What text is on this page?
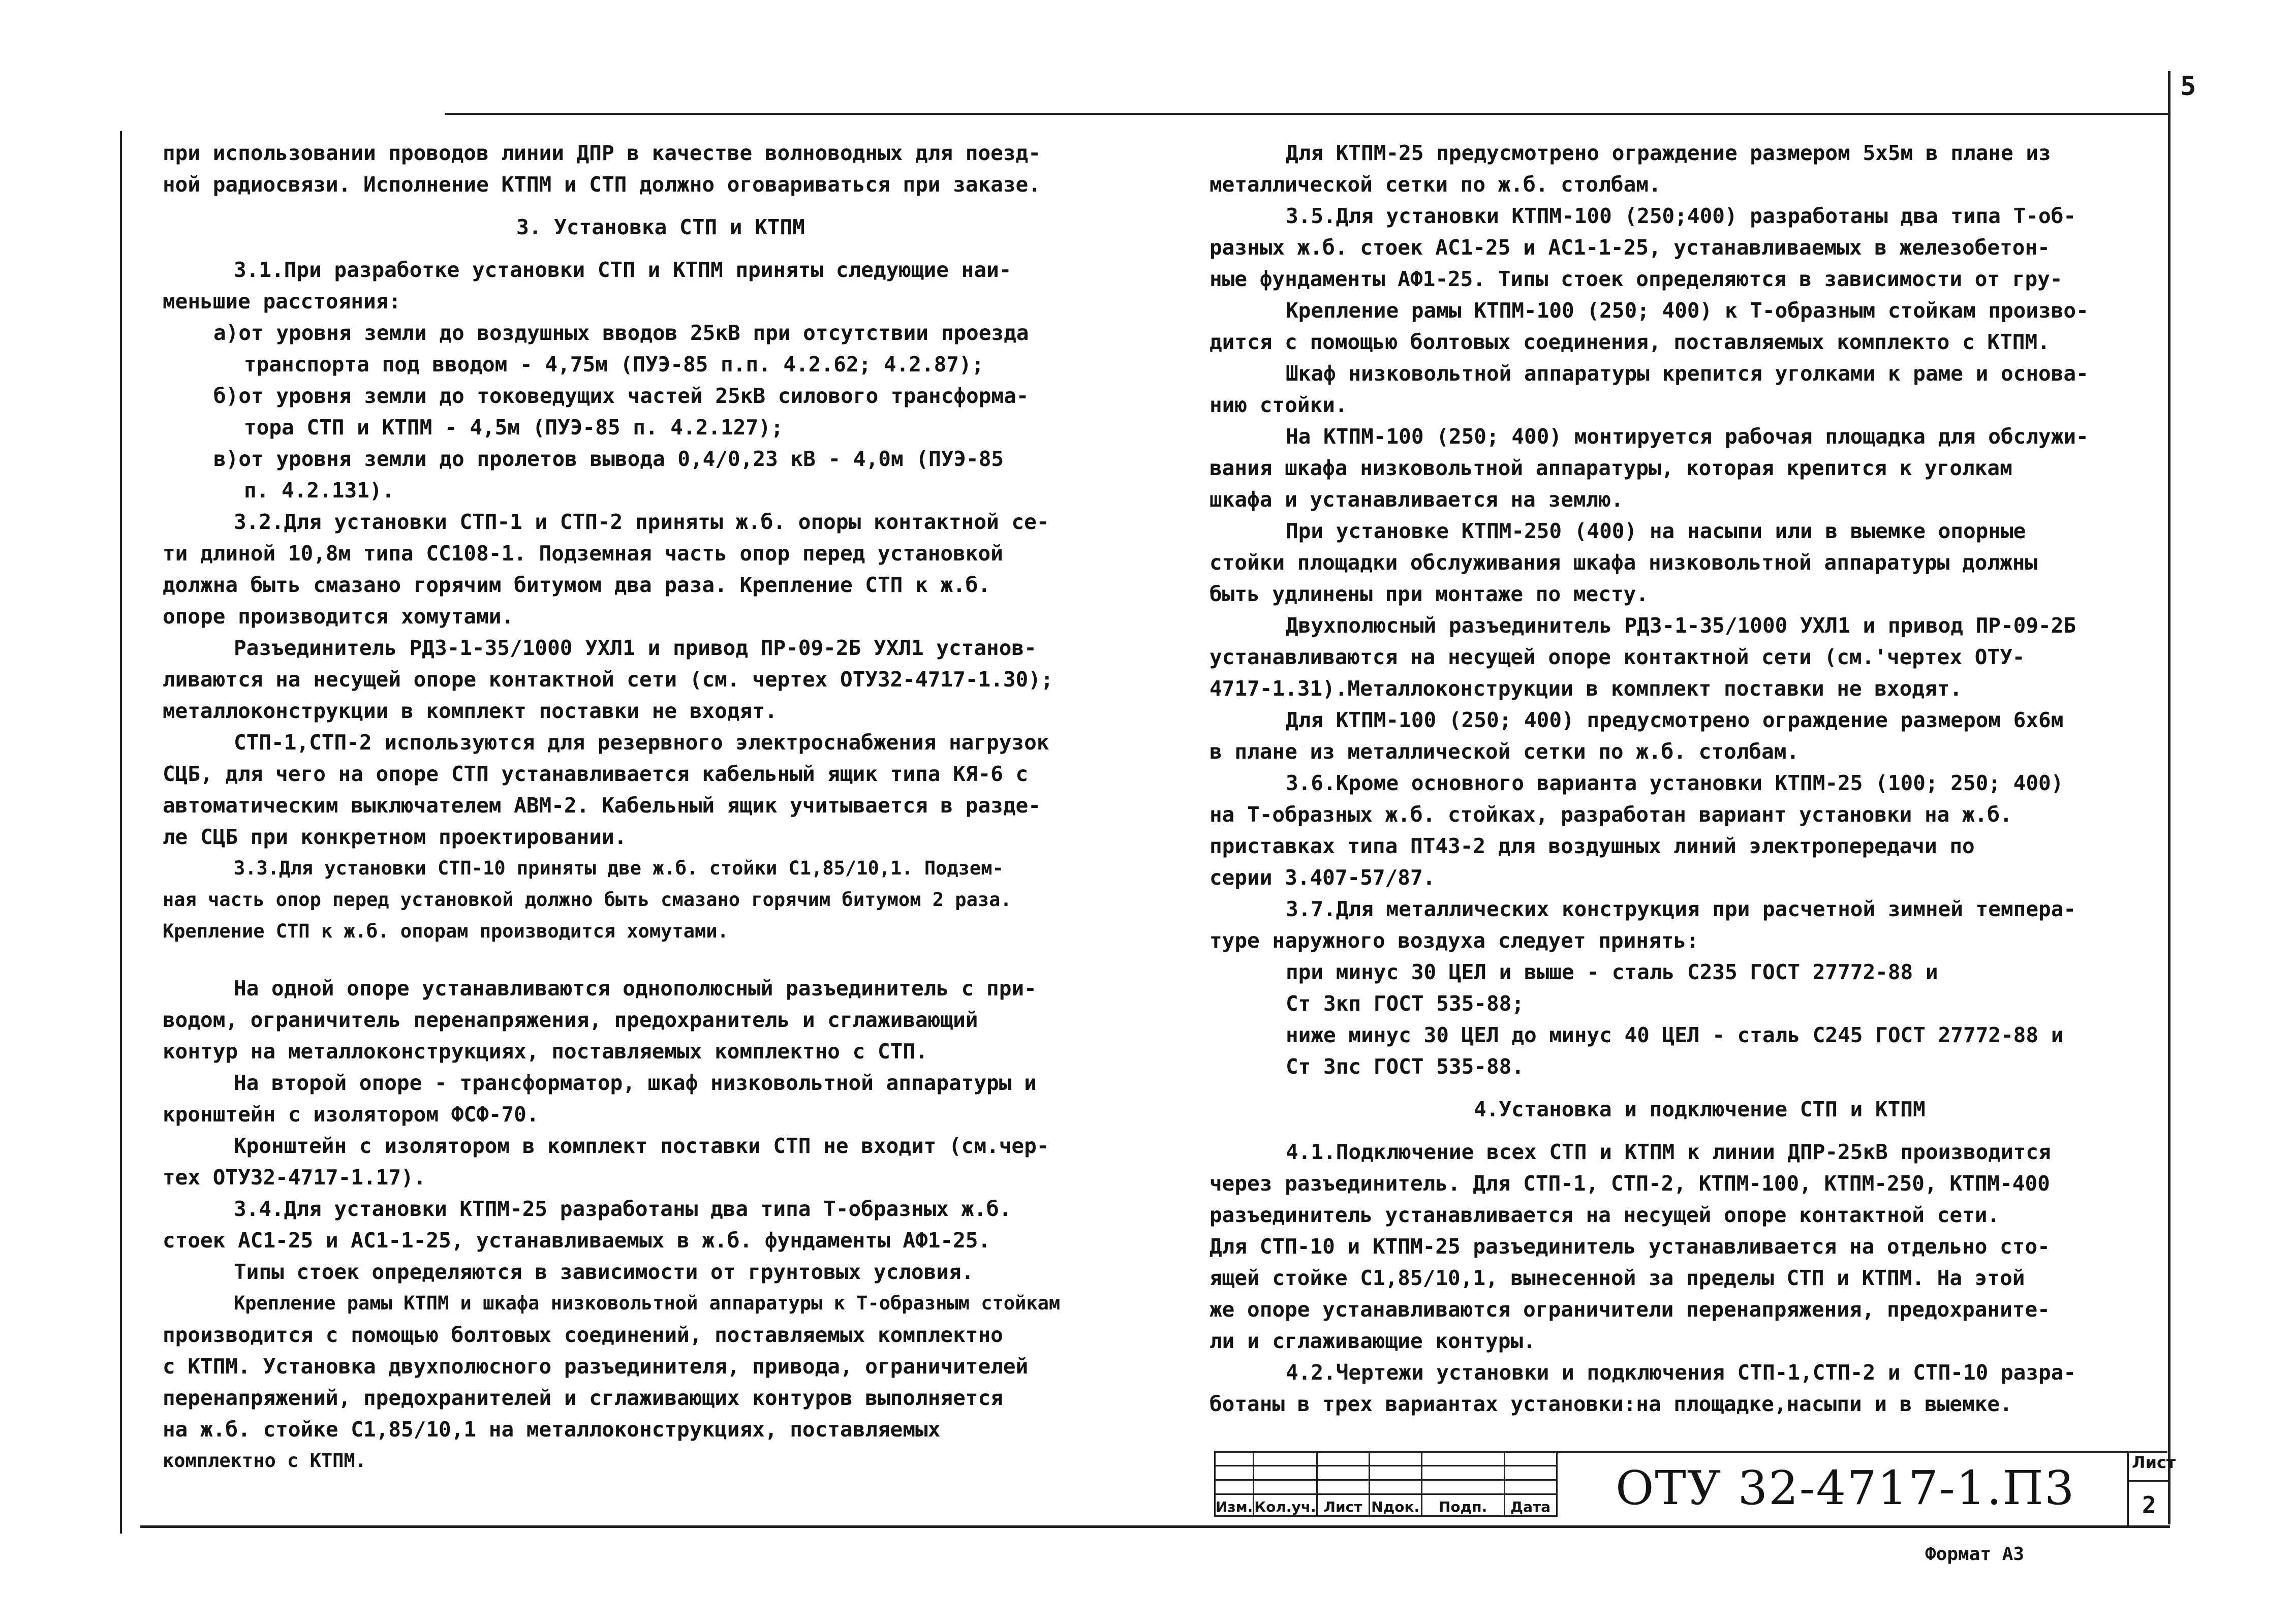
5

при использовании проводов линии ДПР в качестве волноводных для поезд-

ной радиосвязи. Исполнение КТПМ и СТП должно оговариваться при заказе.

3. Установка СТП и КТПМ

3.1.При разработке установки СТП и КТПМ приняты следующие наи-

меньшие расстояния:

а)от уровня земли до воздушных вводов 25кВ при отсутствии проезда

транспорта под вводом - 4,75м (ПУЭ-85 п.п. 4.2.62; 4.2.87);

б)от уровня земли до токоведущих частей 25кВ силового трансформа-

тора СТП и КТПМ - 4,5м (ПУЭ-85 п. 4.2.127);

в)от уровня земли до пролетов вывода 0,4/0,23 кВ - 4,0м (ПУЭ-85

п. 4.2.131).

3.2.Для установки СТП-1 и СТП-2 приняты ж.б. опоры контактной се-

ти длиной 10,8м типа СС108-1. Подземная часть опор перед установкой

должна быть смазано горячим битумом два раза. Крепление СТП к ж.б.

опоре производится хомутами.

Разъединитель РДЗ-1-35/1000 УХЛ1 и привод ПР-09-2Б УХЛ1 установ-

ливаются на несущей опоре контактной сети (см. чертех ОТУ32-4717-1.30);

металлоконструкции в комплект поставки не входят.

СТП-1,СТП-2 используются для резервного электроснабжения нагрузок

СЦБ, для чего на опоре СТП устанавливается кабельный ящик типа КЯ-6 с

автоматическим выключателем АВМ-2. Кабельный ящик учитывается в разде-

ле СЦБ при конкретном проектировании.

3.3.Для установки СТП-10 приняты две ж.б. стойки С1,85/10,1. Подзем-

ная часть опор перед установкой должно быть смазано горячим битумом 2 раза.

Крепление СТП к ж.б. опорам производится хомутами.

На одной опоре устанавливаются однополюсный разъединитель с при-

водом, ограничитель перенапряжения, предохранитель и сглаживающий

контур на металлоконструкциях, поставляемых комплектно с СТП.

На второй опоре - трансформатор, шкаф низковольтной аппаратуры и

кронштейн с изолятором ФСФ-70.

Кронштейн с изолятором в комплект поставки СТП не входит (см.чер-

тех ОТУ32-4717-1.17).

3.4.Для установки КТПМ-25 разработаны два типа Т-образных ж.б.

стоек АС1-25 и АС1-1-25, устанавливаемых в ж.б. фундаменты АФ1-25.

Типы стоек определяются в зависимости от грунтовых условия.

Крепление рамы КТПМ и шкафа низковольтной аппаратуры к Т-образным стойкам

производится с помощью болтовых соединений, поставляемых комплектно

с КТПМ. Установка двухполюсного разъединителя, привода, ограничителей

перенапряжений, предохранителей и сглаживающих контуров выполняется

на ж.б. стойке С1,85/10,1 на металлоконструкциях, поставляемых

комплектно с КТПМ.

Для КТПМ-25 предусмотрено ограждение размером 5х5м в плане из

металлической сетки по ж.б. столбам.

3.5.Для установки КТПМ-100 (250;400) разработаны два типа Т-об-

разных ж.б. стоек АС1-25 и АС1-1-25, устанавливаемых в железобетон-

ные фундаменты АФ1-25. Типы стоек определяются в зависимости от гру-

Крепление рамы КТПМ-100 (250; 400) к Т-образным стойкам произво-

дится с помощью болтовых соединения, поставляемых комплекто с КТПМ.

Шкаф низковольтной аппаратуры крепится уголками к раме и основа-

нию стойки.

На КТПМ-100 (250; 400) монтируется рабочая площадка для обслужи-

вания шкафа низковольтной аппаратуры, которая крепится к уголкам

шкафа и устанавливается на землю.

При установке КТПМ-250 (400) на насыпи или в выемке опорные

стойки площадки обслуживания шкафа низковольтной аппаратуры должны

быть удлинены при монтаже по месту.

Двухполюсный разъединитель РДЗ-1-35/1000 УХЛ1 и привод ПР-09-2Б

устанавливаются на несущей опоре контактной сети (см.'чертех ОТУ-

4717-1.31).Металлоконструкции в комплект поставки не входят.

Для КТПМ-100 (250; 400) предусмотрено ограждение размером 6х6м

в плане из металлической сетки по ж.б. столбам.

3.6.Кроме основного варианта установки КТПМ-25 (100; 250; 400)

на Т-образных ж.б. стойках, разработан вариант установки на ж.б.

приставках типа ПТ43-2 для воздушных линий электропередачи по

серии 3.407-57/87.

3.7.Для металлических конструкция при расчетной зимней темпера-

туре наружного воздуха следует принять:

при минус 30 ЦЕЛ и выше - сталь С235 ГОСТ 27772-88 и

Ст 3кп ГОСТ 535-88;

ниже минус 30 ЦЕЛ до минус 40 ЦЕЛ - сталь С245 ГОСТ 27772-88 и

Ст 3пс ГОСТ 535-88.

4.Установка и подключение СТП и КТПМ

4.1.Подключение всех СТП и КТПМ к линии ДПР-25кВ производится

через разъединитель. Для СТП-1, СТП-2, КТПМ-100, КТПМ-250, КТПМ-400

разъединитель устанавливается на несущей опоре контактной сети.

Для СТП-10 и КТПМ-25 разъединитель устанавливается на отдельно сто-

ящей стойке С1,85/10,1, вынесенной за пределы СТП и КТПМ. На этой

же опоре устанавливаются ограничители перенапряжения, предохраните-

ли и сглаживающие контуры.

4.2.Чертежи установки и подключения СТП-1,СТП-2 и СТП-10 разра-

ботаны в трех вариантах установки:на площадке,насыпи и в выемке.

Изм.	Кол.уч.	Лист	Nдок.	Подп.	Дата ОТУ 32-4717-1.П3	Лист
2
Формат А3
